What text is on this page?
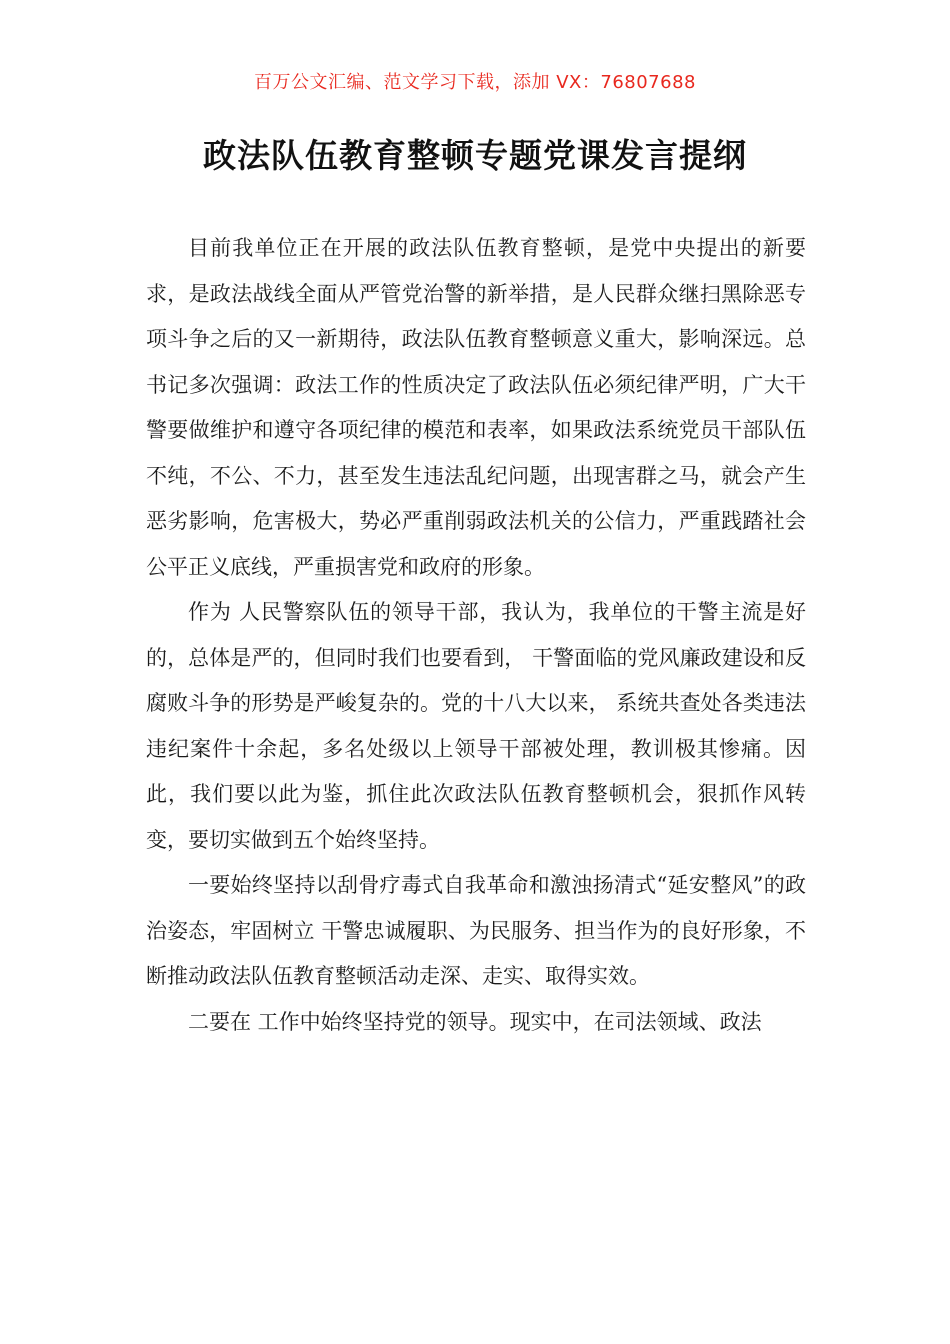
百万公文汇编、范文学习下载，添加 VX：76807688
政法队伍教育整顿专题党课发言提纲

目前我单位正在开展的政法队伍教育整顿，是党中央提出的新要求，是政法战线全面从严管党治警的新举措，是人民群众继扫黑除恶专项斗争之后的又一新期待，政法队伍教育整顿意义重大，影响深远。总书记多次强调：政法工作的性质决定了政法队伍必须纪律严明，广大干警要做维护和遵守各项纪律的模范和表率，如果政法系统党员干部队伍不纯，不公、不力，甚至发生违法乱纪问题，出现害群之马，就会产生恶劣影响，危害极大，势必严重削弱政法机关的公信力，严重践踏社会公平正义底线，严重损害党和政府的形象。

作为 人民警察队伍的领导干部，我认为，我单位的干警主流是好的，总体是严的，但同时我们也要看到， 干警面临的党风廉政建设和反腐败斗争的形势是严峻复杂的。党的十八大以来， 系统共查处各类违法违纪案件十余起，多名处级以上领导干部被处理，教训极其惨痛。因此，我们要以此为鉴，抓住此次政法队伍教育整顿机会，狠抓作风转变，要切实做到五个始终坚持。

一要始终坚持以刮骨疗毒式自我革命和激浊扬清式“延安整风”的政治姿态，牢固树立 干警忠诚履职、为民服务、担当作为的良好形象，不断推动政法队伍教育整顿活动走深、走实、取得实效。

二要在 工作中始终坚持党的领导。现实中，在司法领域、政法
